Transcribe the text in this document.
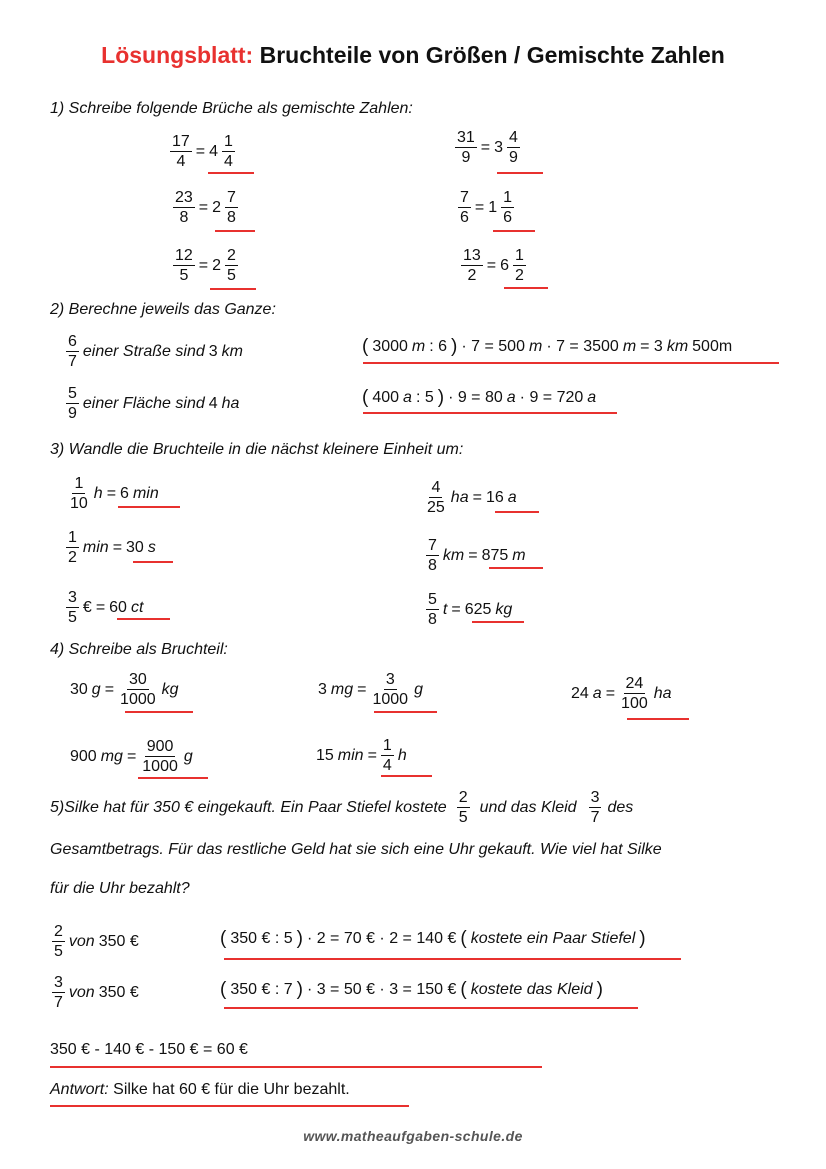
Lösungsblatt: Bruchteile von Größen / Gemischte Zahlen
1) Schreibe folgende Brüche als gemischte Zahlen:
$\frac{17}{4} = 4 \frac{1}{4}$	$\frac{31}{9} = 3 \frac{4}{9}$
$\frac{23}{8} = 2 \frac{7}{8}$	$\frac{7}{6} = 1 \frac{1}{6}$
$\frac{12}{5} = 2 \frac{2}{5}$	$\frac{13}{2} = 6 \frac{1}{2}$
2) Berechne jeweils das Ganze:
$\frac{6}{7}$ einer Straße sind 3 km	( 3000 m : 6 ) · 7 = 500 m · 7 = 3500 m = 3 km 500m
$\frac{5}{9}$ einer Fläche sind 4 ha	( 400 a : 5 ) · 9 = 80 a · 9 = 720 a
3) Wandle die Bruchteile in die nächst kleinere Einheit um:
$\frac{1}{10}$ h = 6 min	$\frac{4}{25}$ ha = 16 a
$\frac{1}{2}$ min = 30 s	$\frac{7}{8}$ km = 875 m
$\frac{3}{5}$ € = 60 ct	$\frac{5}{8}$ t = 625 kg
4) Schreibe als Bruchteil:
30 $g = \frac{30}{1000}$ kg	3 mg = $\frac{3}{1000}$ g	24 $a = \frac{24}{100}$ ha
900 mg = $\frac{900}{1000}$ g	15 $\min = \frac{1}{4}$ h
5)Silke hat für 350 € eingekauft. Ein Paar Stiefel kostete $\frac{2}{5}$ und das Kleid $\frac{3}{7}$ des
Gesamtbetrags. Für das restliche Geld hat sie sich eine Uhr gekauft. Wie viel hat Silke
für die Uhr bezahlt?
$\frac{2}{5}$ von 350 €	( 350 € : 5 ) · 2 = 70 € · 2 = 140 € ( kostete ein Paar Stiefel )
$\frac{3}{7}$ von 350 €	( 350 € : 7 ) · 3 = 50 € · 3 = 150 € ( kostete das Kleid )
350 € - 140 € - 150 € = 60 €
Antwort: Silke hat 60 € für die Uhr bezahlt.
www.matheaufgaben-schule.de
